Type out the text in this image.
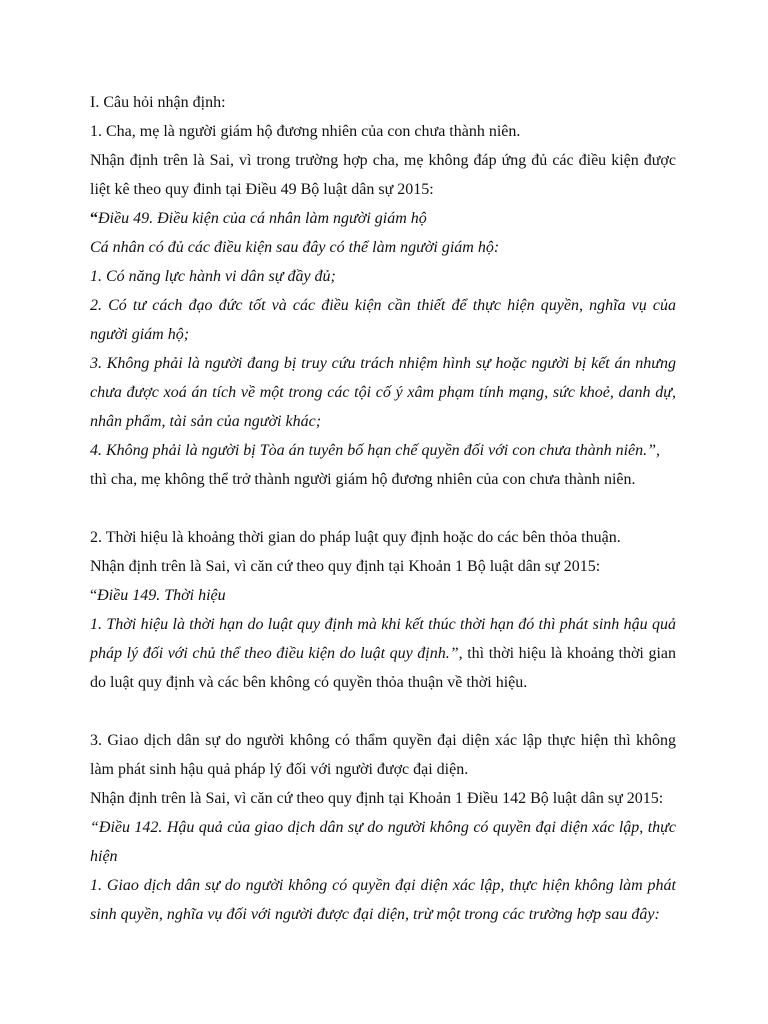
I. Câu hỏi nhận định:

1. Cha, mẹ là người giám hộ đương nhiên của con chưa thành niên.

Nhận định trên là Sai, vì trong trường hợp cha, mẹ không đáp ứng đủ các điều kiện được liệt kê theo quy đinh tại Điều 49 Bộ luật dân sự 2015:

“Điều 49. Điều kiện của cá nhân làm người giám hộ

Cá nhân có đủ các điều kiện sau đây có thể làm người giám hộ:

1. Có năng lực hành vi dân sự đầy đủ;

2. Có tư cách đạo đức tốt và các điều kiện cần thiết để thực hiện quyền, nghĩa vụ của người giám hộ;

3. Không phải là người đang bị truy cứu trách nhiệm hình sự hoặc người bị kết án nhưng chưa được xoá án tích về một trong các tội cố ý xâm phạm tính mạng, sức khoẻ, danh dự, nhân phẩm, tài sản của người khác;

4. Không phải là người bị Tòa án tuyên bố hạn chế quyền đối với con chưa thành niên.”,

thì cha, mẹ không thể trở thành người giám hộ đương nhiên của con chưa thành niên.

2. Thời hiệu là khoảng thời gian do pháp luật quy định hoặc do các bên thỏa thuận.

Nhận định trên là Sai, vì căn cứ theo quy định tại Khoản 1 Bộ luật dân sự 2015:

“Điều 149. Thời hiệu

1. Thời hiệu là thời hạn do luật quy định mà khi kết thúc thời hạn đó thì phát sinh hậu quả pháp lý đối với chủ thể theo điều kiện do luật quy định.”, thì thời hiệu là khoảng thời gian do luật quy định và các bên không có quyền thỏa thuận về thời hiệu.

3. Giao dịch dân sự do người không có thẩm quyền đại diện xác lập thực hiện thì không làm phát sinh hậu quả pháp lý đối với người được đại diện.

Nhận định trên là Sai, vì căn cứ theo quy định tại Khoản 1 Điều 142 Bộ luật dân sự 2015:

“Điều 142. Hậu quả của giao dịch dân sự do người không có quyền đại diện xác lập, thực hiện

1. Giao dịch dân sự do người không có quyền đại diện xác lập, thực hiện không làm phát sinh quyền, nghĩa vụ đối với người được đại diện, trừ một trong các trường hợp sau đây:
